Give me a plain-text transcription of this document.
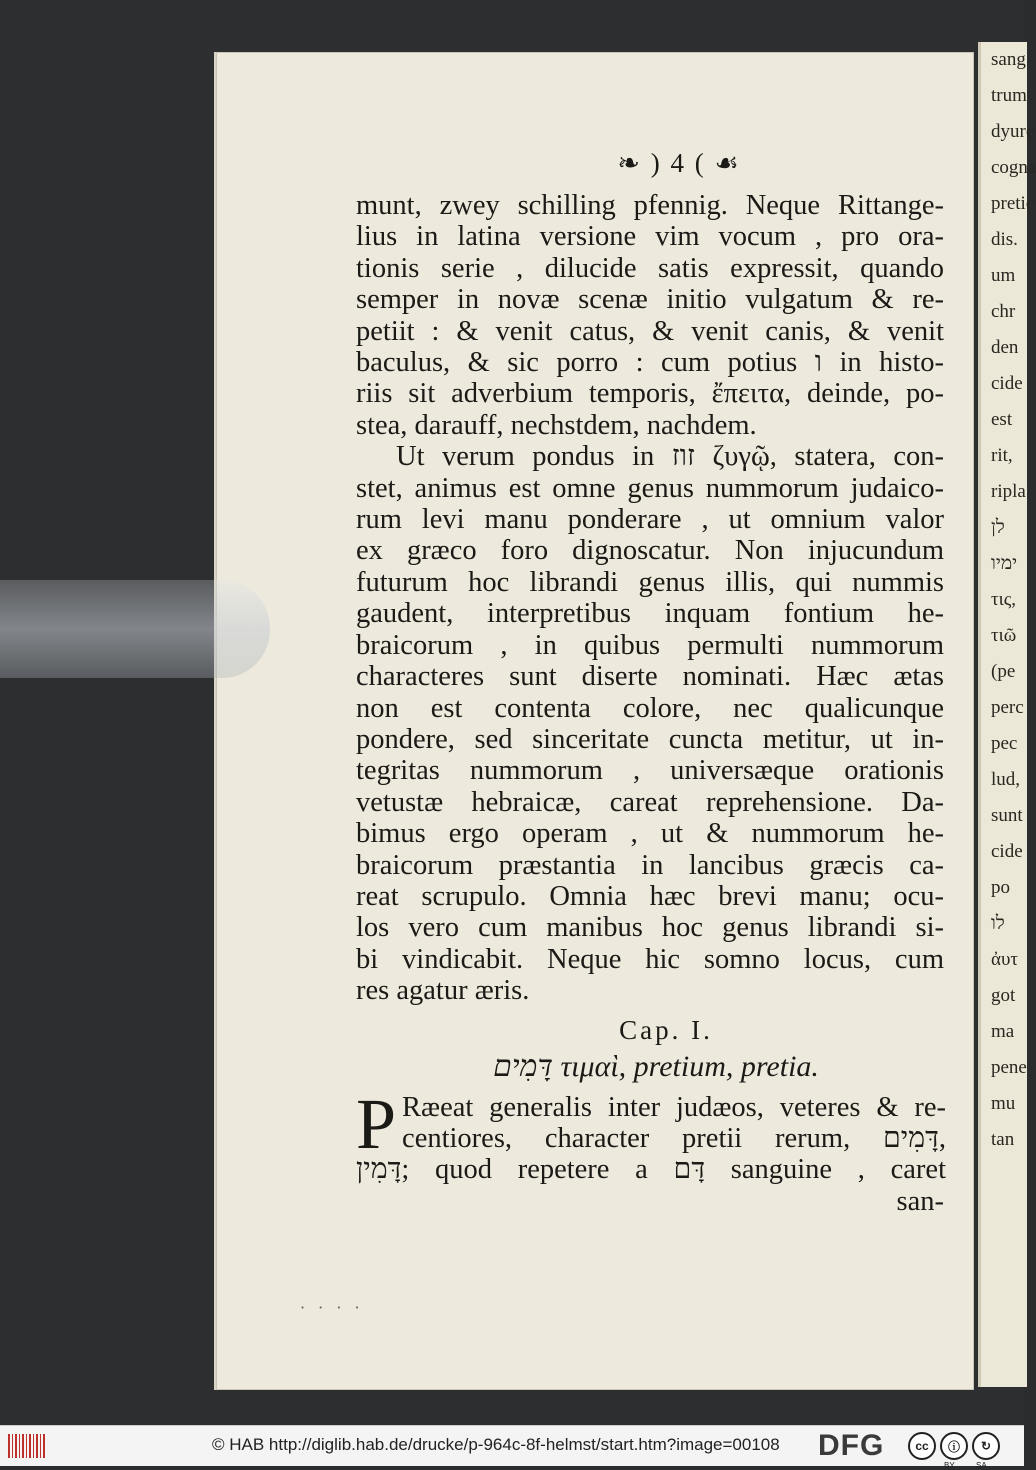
sang
trum
dyurc
cogna
pretic
dis.
um
chr
den
cide
est
rit,
ripla
לן
ימיו
τις,
τιῶ
(pe
perc
pec
lud,
sunt
cide
po
לו
ἀυτ
got
ma
pene
mu
tan
❧ ) 4 ( ☙
munt, zwey schilling pfennig. Neque Rittange-
lius in latina versione vim vocum , pro ora-
tionis serie , dilucide satis expressit, quando
semper in novæ scenæ initio vulgatum & re-
petiit : & venit catus, & venit canis, & venit
baculus, & sic porro : cum potius ו in histo-
riis sit adverbium temporis, ἔπειτα, deinde, po-
stea, darauff, nechstdem, nachdem.
Ut verum pondus in זוז ζυγῷ, statera, con-
stet, animus est omne genus nummorum judaico-
rum levi manu ponderare , ut omnium valor
ex græco foro dignoscatur. Non injucundum
futurum hoc librandi genus illis, qui nummis
gaudent, interpretibus inquam fontium he-
braicorum , in quibus permulti nummorum
characteres sunt diserte nominati. Hæc ætas
non est contenta colore, nec qualicunque
pondere, sed sinceritate cuncta metitur, ut in-
tegritas nummorum , universæque orationis
vetustæ hebraicæ, careat reprehensione. Da-
bimus ergo operam , ut & nummorum he-
braicorum præstantia in lancibus græcis ca-
reat scrupulo. Omnia hæc brevi manu; ocu-
los vero cum manibus hoc genus librandi si-
bi vindicabit. Neque hic somno locus, cum
res agatur æris.
Cap. I.
דָּמִים τιμαὶ, pretium, pretia.
P Ræeat generalis inter judæos, veteres & re-
centiores, character pretii rerum, דָּמִים,
דָּמִין; quod repetere a דָּם sanguine , caret
san-
· · · ·
© HAB http://diglib.hab.de/drucke/p-964c-8f-helmst/start.htm?image=00108 DFG	cc	ⓘ	↻
BY	SA
